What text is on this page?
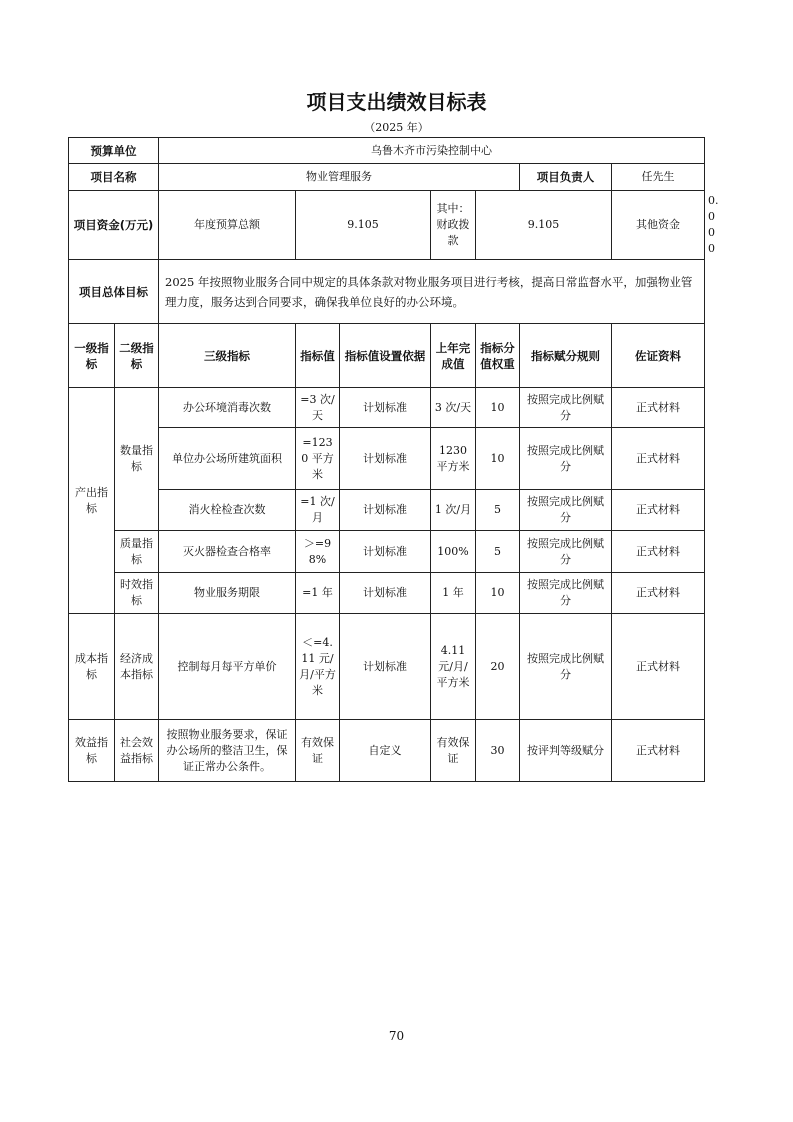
项目支出绩效目标表
（2025 年）
预算单位		乌鲁木齐市污染控制中心							
项目名称		物业管理服务					项目负责人	任先生	
项目资金(万元)		年度预算总额	9.105		其中：财政拨款	9.105		其他资金	0.000
项目总体目标		2025 年按照物业服务合同中规定的具体条款对物业服务项目进行考核，提高日常监督水平，加强物业管理力度，服务达到合同要求，确保我单位良好的办公环境。							
一级指标	二级指标	三级指标	指标值	指标值设置依据	上年完成值	指标分值权重	指标赋分规则	佐证资料	
产出指标	数量指标	办公环境消毒次数	=3 次/天	计划标准	3 次/天	10	按照完成比例赋分	正式材料	
		单位办公场所建筑面积	=1230 平方米	计划标准	1230 平方米	10	按照完成比例赋分	正式材料	
		消火栓检查次数	=1 次/月	计划标准	1 次/月	5	按照完成比例赋分	正式材料	
	质量指标	灭火器检查合格率	＞=98%	计划标准	100%	5	按照完成比例赋分	正式材料	
	时效指标	物业服务期限	=1 年	计划标准	1 年	10	按照完成比例赋分	正式材料	
成本指标	经济成本指标	控制每月每平方单价	＜=4.11 元/月/平方米	计划标准	4.11 元/月/平方米	20	按照完成比例赋分	正式材料	
效益指标	社会效益指标	按照物业服务要求，保证办公场所的整洁卫生，保证正常办公条件。	有效保证	自定义	有效保证	30	按评判等级赋分	正式材料	
70
